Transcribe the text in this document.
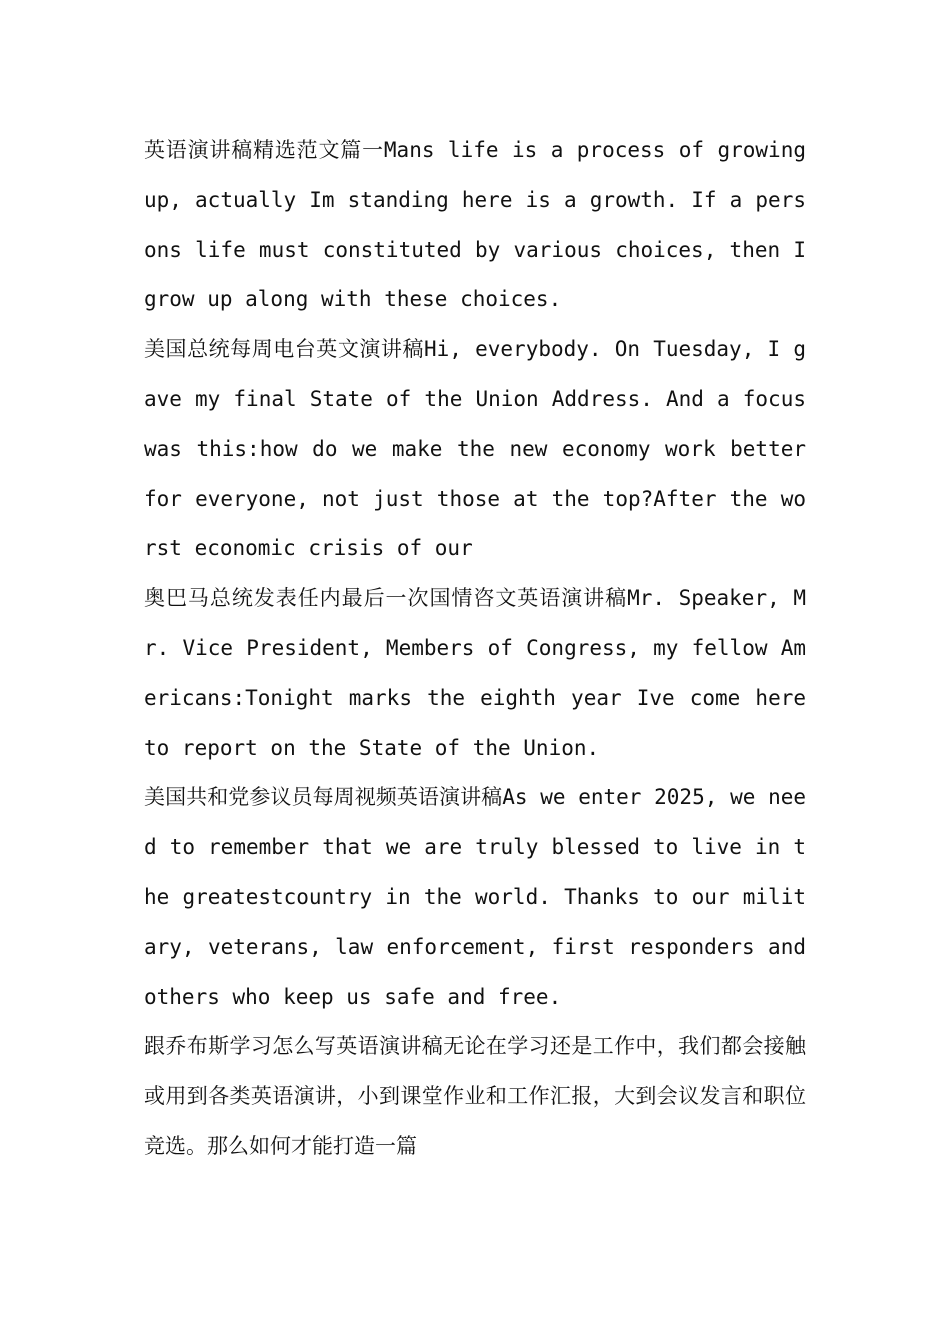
英语演讲稿精选范文篇一Mans life is a process of growing up, actually Im standing here is a growth. If a persons life must constituted by various choices, then I grow up along with these choices.

美国总统每周电台英文演讲稿Hi, everybody. On Tuesday, I gave my final State of the Union Address. And a focus was this:how do we make the new economy work better for everyone, not just those at the top?After the worst economic crisis of our

奥巴马总统发表任内最后一次国情咨文英语演讲稿Mr. Speaker, Mr. Vice President, Members of Congress, my fellow Americans:Tonight marks the eighth year Ive come here to report on the State of the Union.

美国共和党参议员每周视频英语演讲稿As we enter 2025, we need to remember that we are truly blessed to live in the greatestcountry in the world. Thanks to our military, veterans, law enforcement, first responders andothers who keep us safe and free.

跟乔布斯学习怎么写英语演讲稿无论在学习还是工作中，我们都会接触或用到各类英语演讲，小到课堂作业和工作汇报，大到会议发言和职位竞选。那么如何才能打造一篇
